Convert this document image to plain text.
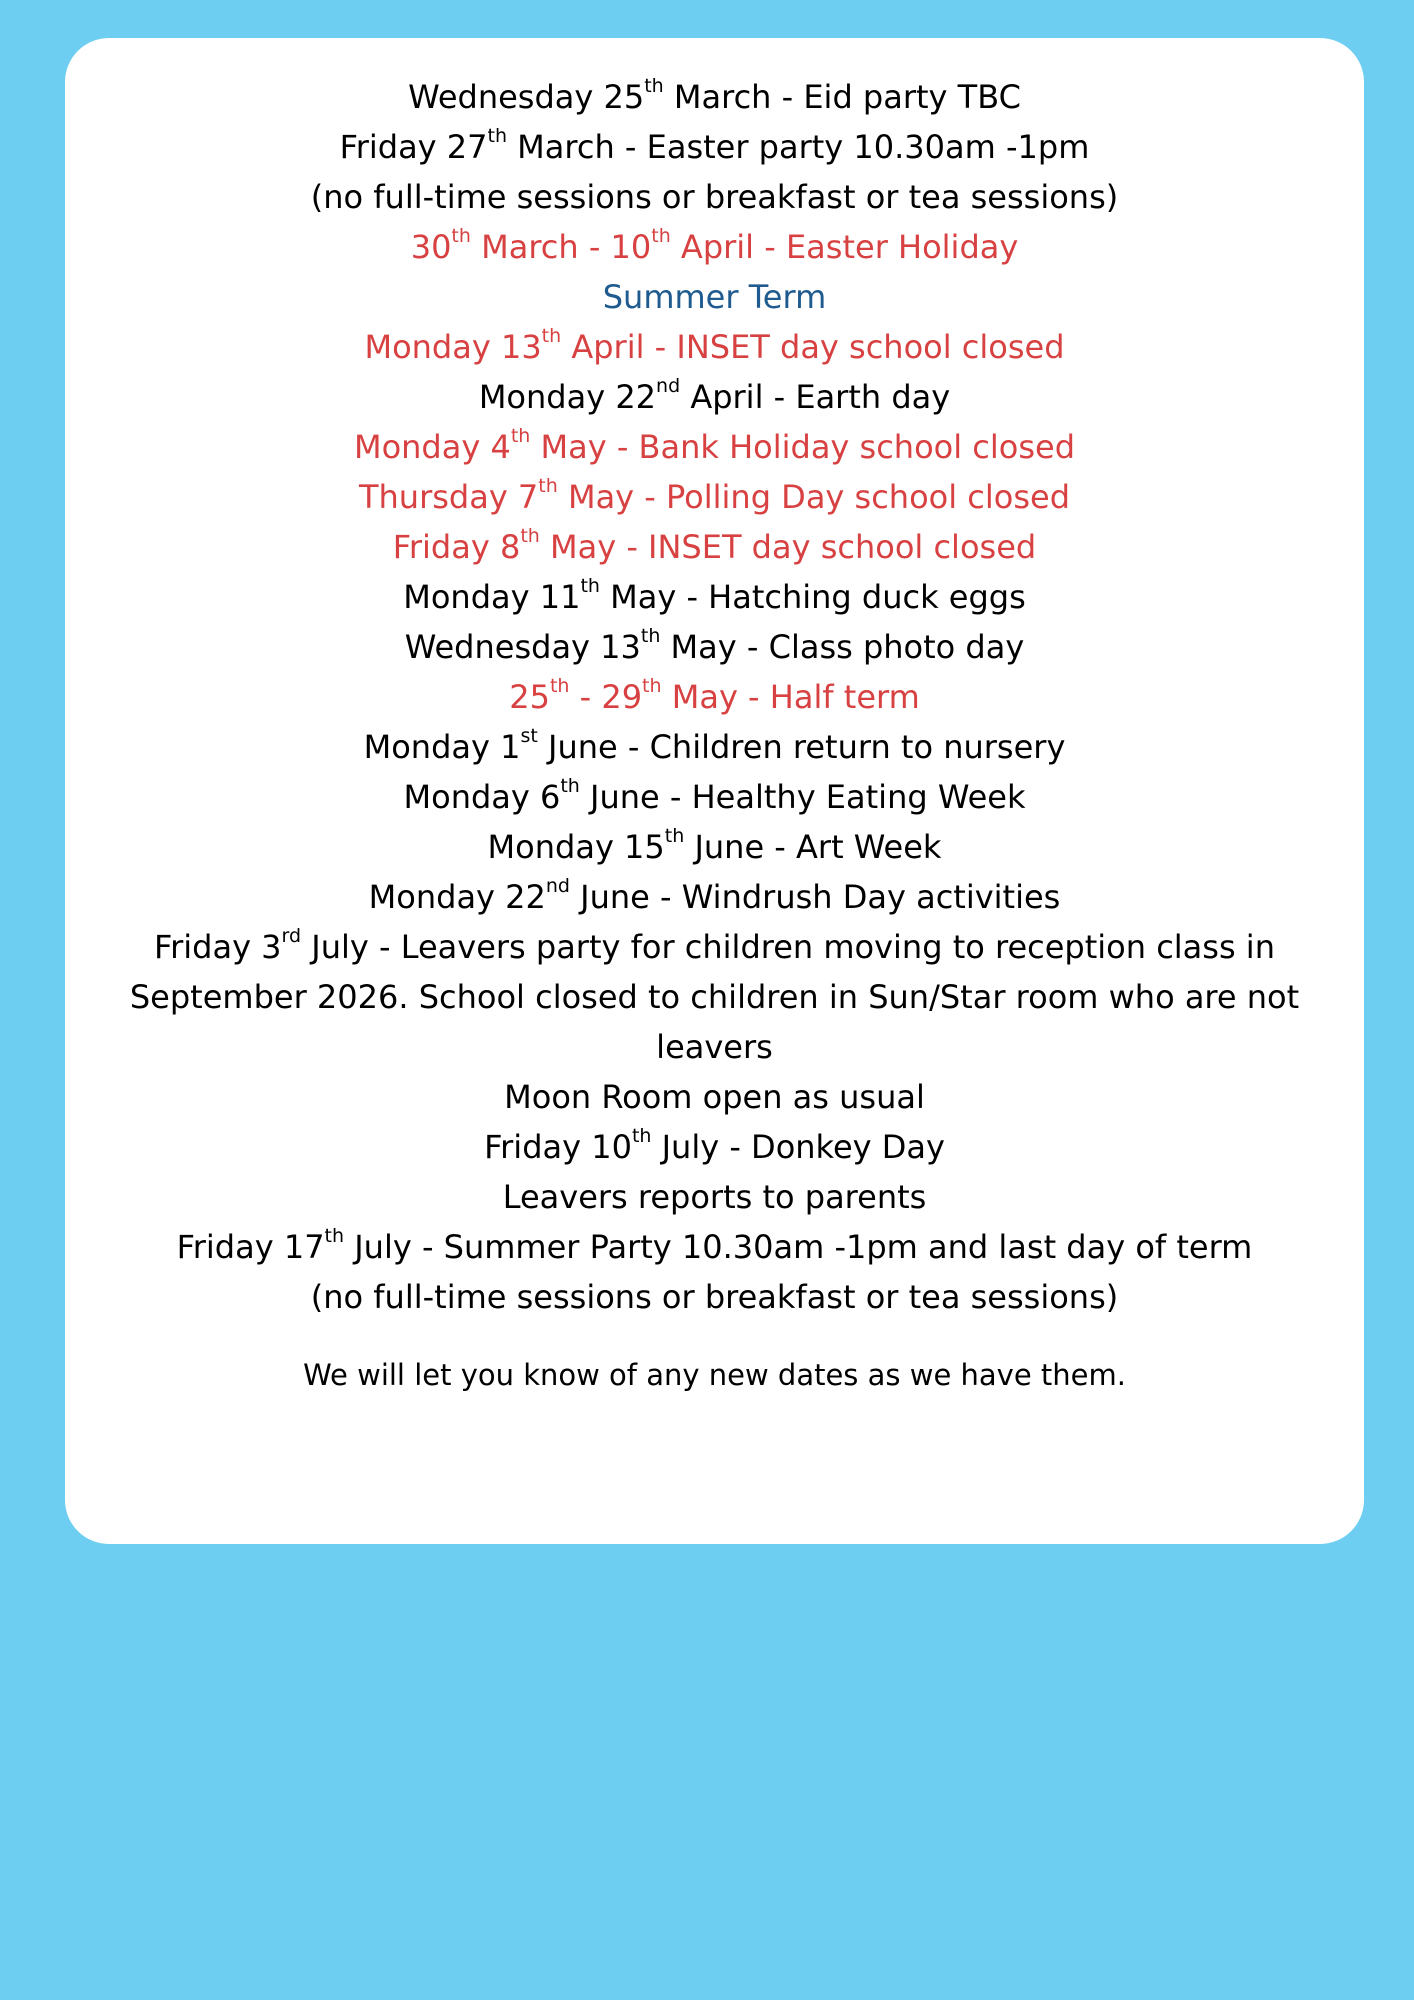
Wednesday 25th March - Eid party TBC
Friday 27th March - Easter party 10.30am -1pm
(no full-time sessions or breakfast or tea sessions)
30th March - 10th April - Easter Holiday
Summer Term
Monday 13th April - INSET day school closed
Monday 22nd April - Earth day
Monday 4th May - Bank Holiday school closed
Thursday 7th May - Polling Day school closed
Friday 8th May - INSET day school closed
Monday 11th May - Hatching duck eggs
Wednesday 13th May - Class photo day
25th - 29th May - Half term
Monday 1st June - Children return to nursery
Monday 6th June - Healthy Eating Week
Monday 15th June - Art Week
Monday 22nd June - Windrush Day activities
Friday 3rd July - Leavers party for children moving to reception class in September 2026. School closed to children in Sun/Star room who are not leavers
Moon Room open as usual
Friday 10th July - Donkey Day
Leavers reports to parents
Friday 17th July - Summer Party 10.30am -1pm and last day of term
(no full-time sessions or breakfast or tea sessions)
We will let you know of any new dates as we have them.
